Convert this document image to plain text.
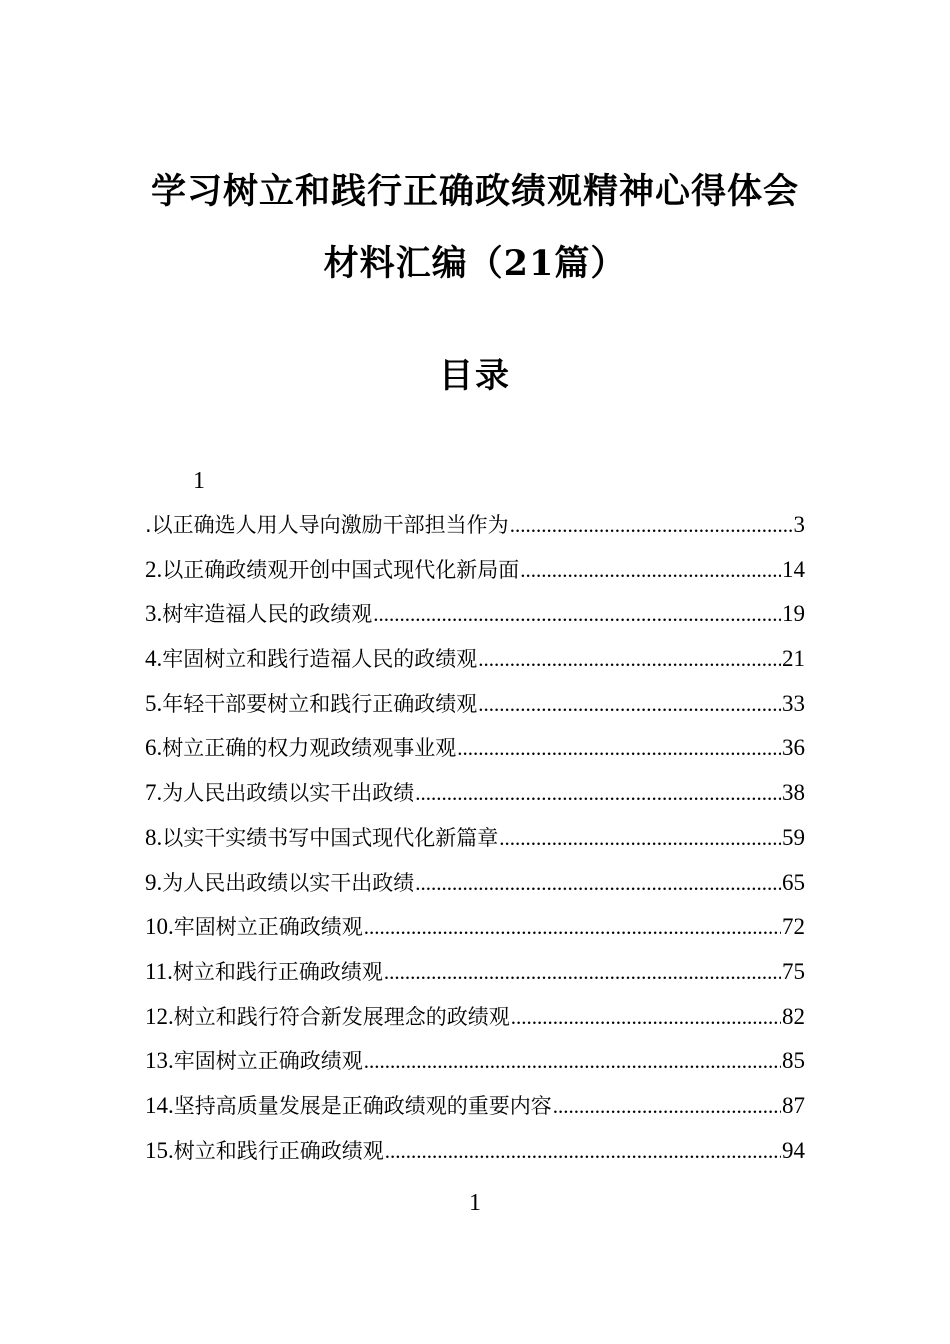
学习树立和践行正确政绩观精神心得体会
材料汇编（21篇）
目录
1
.以正确选人用人导向激励干部担当作为 .....	3
2.以正确政绩观开创中国式现代化新局面 .....	14
3.树牢造福人民的政绩观 .....	19
4.牢固树立和践行造福人民的政绩观 .....	21
5.年轻干部要树立和践行正确政绩观 .....	33
6.树立正确的权力观政绩观事业观 .....	36
7.为人民出政绩以实干出政绩 .....	38
8.以实干实绩书写中国式现代化新篇章 .....	59
9.为人民出政绩以实干出政绩 .....	65
10.牢固树立正确政绩观 .....	72
11.树立和践行正确政绩观 .....	75
12.树立和践行符合新发展理念的政绩观 .....	82
13.牢固树立正确政绩观 .....	85
14.坚持高质量发展是正确政绩观的重要内容 .....	87
15.树立和践行正确政绩观 .....	94
1
